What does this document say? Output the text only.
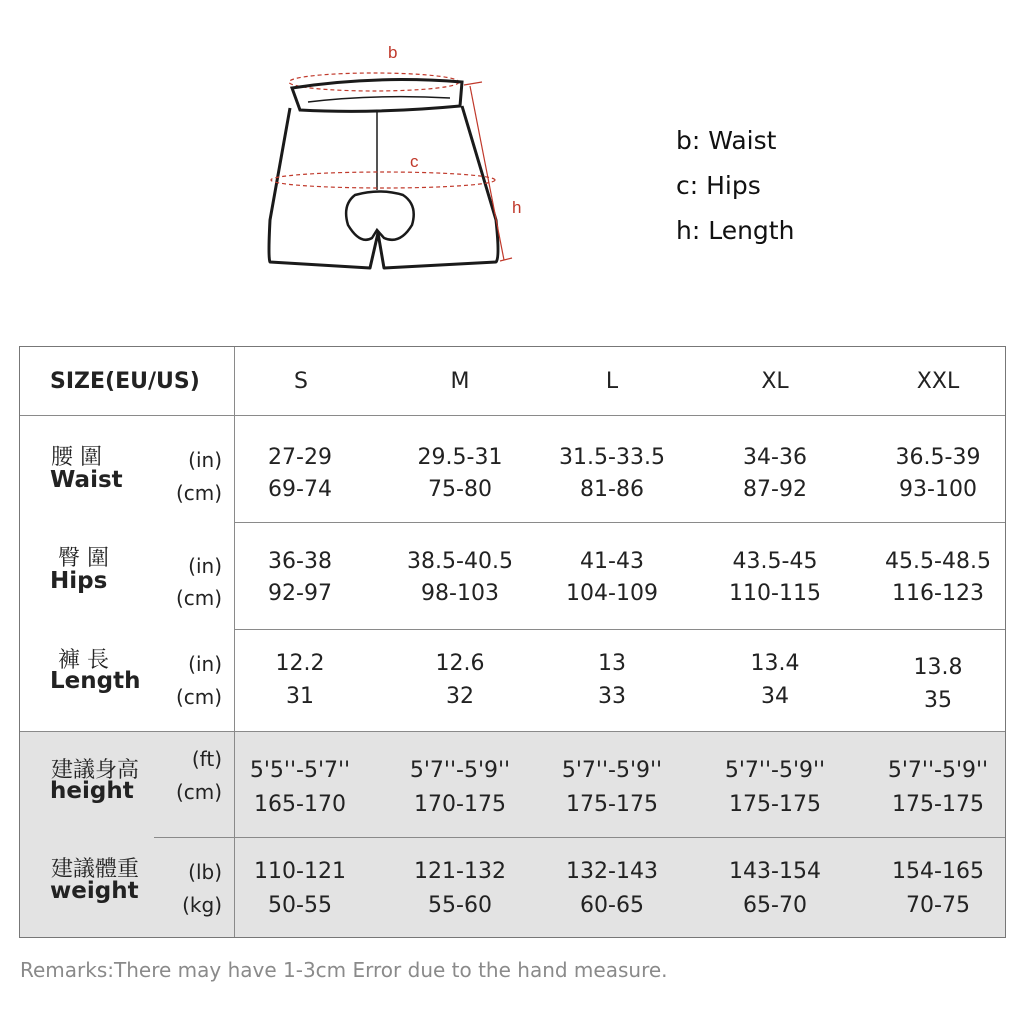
b
c
h
b: Waist
c: Hips
h: Length
SIZE(EU/US)	S	M	L	XL	XXL
腰 圍
Waist
(in)
(cm)
27-29	29.5-31	31.5-33.5	34-36	36.5-39
69-74	75-80	81-86	87-92	93-100
臀 圍
Hips
(in)
(cm)
36-38	38.5-40.5	41-43	43.5-45	45.5-48.5
92-97	98-103	104-109	110-115	116-123
褲 長
Length
(in)
(cm)
12.2	12.6	13	13.4	13.8
31	32	33	34	35
建議身高
height
(ft)
(cm)
5'5''-5'7''	5'7''-5'9''	5'7''-5'9''	5'7''-5'9''	5'7''-5'9''
165-170	170-175	175-175	175-175	175-175
建議體重
weight
(lb)
(kg)
110-121	121-132	132-143	143-154	154-165
50-55	55-60	60-65	65-70	70-75
Remarks:There may have 1-3cm Error due to the hand measure.
